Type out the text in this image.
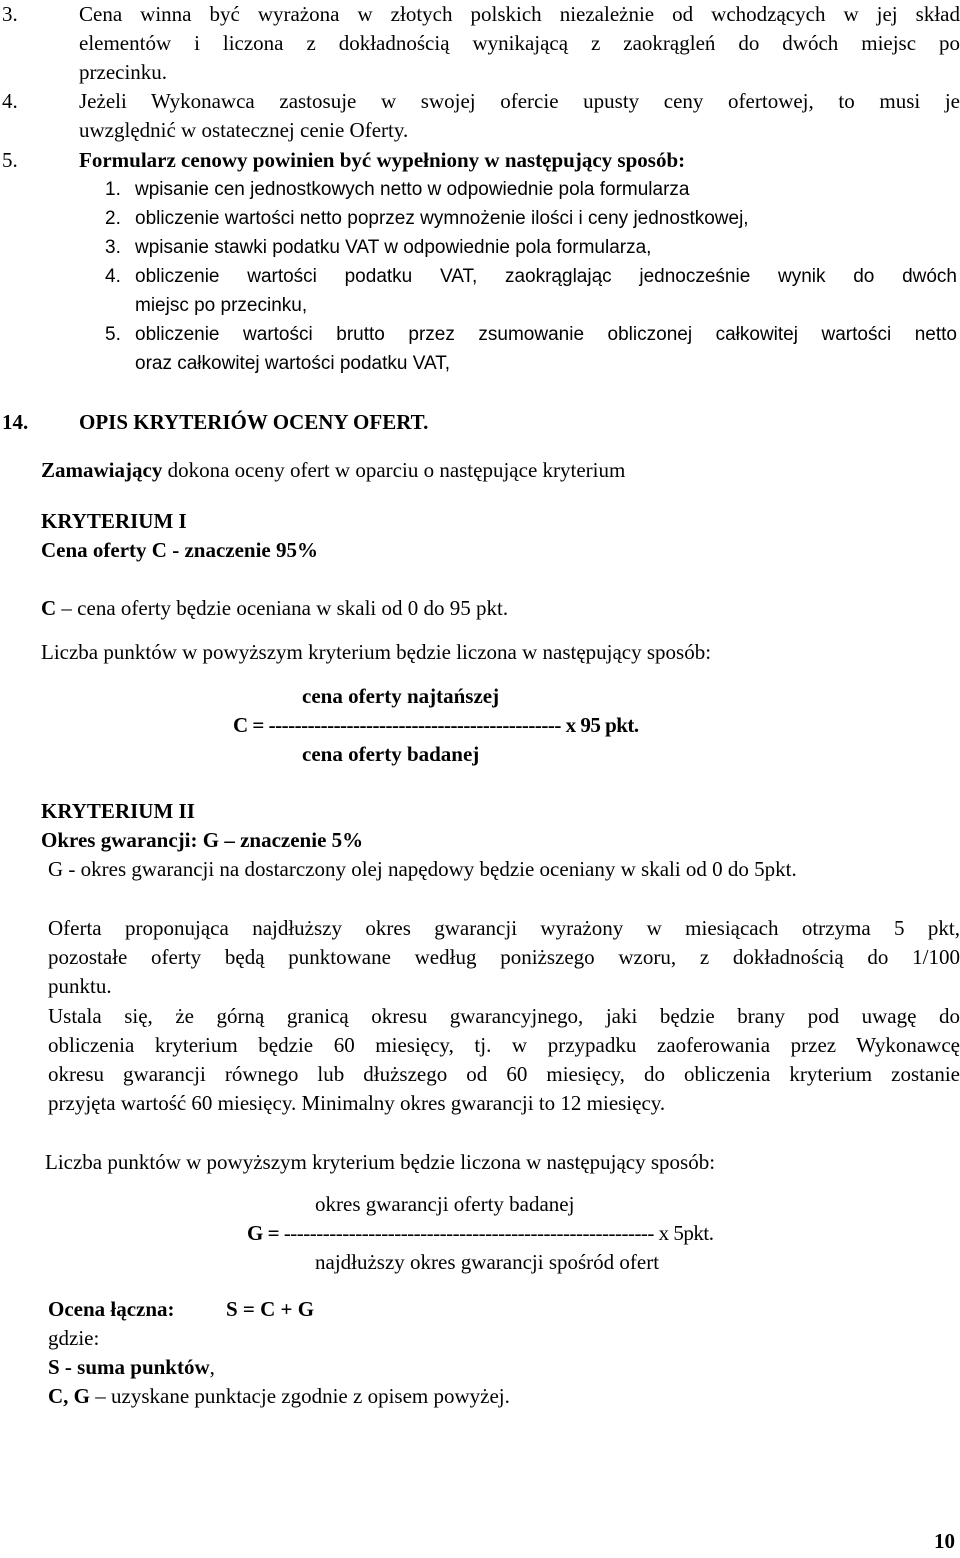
3.	Cena winna być wyrażona w złotych polskich niezależnie od wchodzących w jej skład
elementów i liczona z dokładnością wynikającą z zaokrągleń do dwóch miejsc po
przecinku.
4.	Jeżeli Wykonawca zastosuje w swojej ofercie upusty ceny ofertowej, to musi je
uwzględnić w ostatecznej cenie Oferty.
5.	Formularz cenowy powinien być wypełniony w następujący sposób:
1. wpisanie cen jednostkowych netto w odpowiednie pola formularza
2. obliczenie wartości netto poprzez wymnożenie ilości i ceny jednostkowej,
3. wpisanie stawki podatku VAT w odpowiednie pola formularza,
4. obliczenie wartości podatku VAT, zaokrąglając jednocześnie wynik do dwóch
miejsc po przecinku,
5. obliczenie wartości brutto przez zsumowanie obliczonej całkowitej wartości netto
oraz całkowitej wartości podatku VAT,
14. OPIS KRYTERIÓW OCENY OFERT.
Zamawiający dokona oceny ofert w oparciu o następujące kryterium
KRYTERIUM I
Cena oferty C - znaczenie 95%
C – cena oferty będzie oceniana w skali od 0 do 95 pkt.
Liczba punktów w powyższym kryterium będzie liczona w następujący sposób:
cena oferty najtańszej
C = --------------------------------------------- x 95 pkt.
cena oferty badanej
KRYTERIUM II
Okres gwarancji: G – znaczenie 5%
G - okres gwarancji na dostarczony olej napędowy będzie oceniany w skali od 0 do 5pkt.
Oferta proponująca najdłuższy okres gwarancji wyrażony w miesiącach otrzyma 5 pkt,
pozostałe oferty będą punktowane według poniższego wzoru, z dokładnością do 1/100
punktu.
Ustala się, że górną granicą okresu gwarancyjnego, jaki będzie brany pod uwagę do
obliczenia kryterium będzie 60 miesięcy, tj. w przypadku zaoferowania przez Wykonawcę
okresu gwarancji równego lub dłuższego od 60 miesięcy, do obliczenia kryterium zostanie
przyjęta wartość 60 miesięcy. Minimalny okres gwarancji to 12 miesięcy.
Liczba punktów w powyższym kryterium będzie liczona w następujący sposób:
okres gwarancji oferty badanej
G = --------------------------------------------------------- x 5pkt.
najdłuższy okres gwarancji spośród ofert
Ocena łączna: S = C + G
gdzie:
S - suma punktów,
C, G – uzyskane punktacje zgodnie z opisem powyżej.
10
